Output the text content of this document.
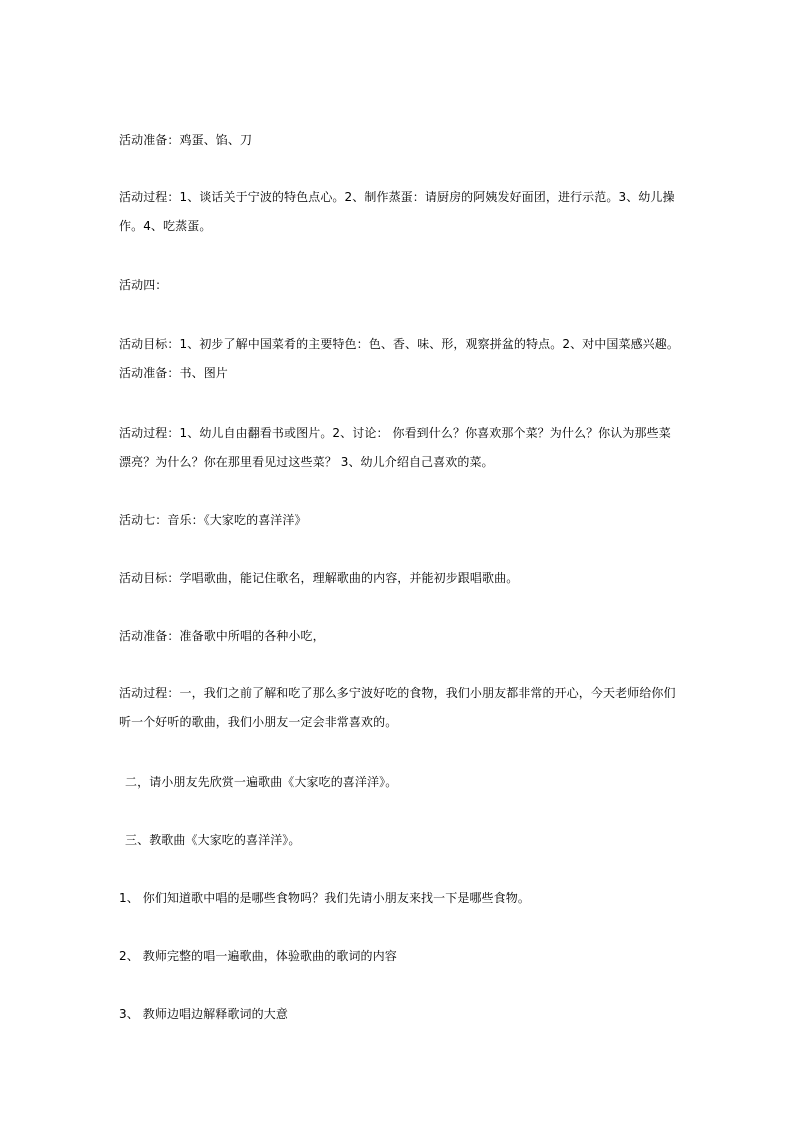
活动准备：鸡蛋、馅、刀
活动过程：1、谈话关于宁波的特色点心。2、制作蒸蛋：请厨房的阿姨发好面团，进行示范。3、幼儿操作。4、吃蒸蛋。
活动四：
活动目标：1、初步了解中国菜肴的主要特色：色、香、味、形，观察拼盆的特点。2、对中国菜感兴趣。
活动准备：书、图片
活动过程：1、幼儿自由翻看书或图片。2、讨论： 你看到什么？你喜欢那个菜？为什么？你认为那些菜漂亮？为什么？你在那里看见过这些菜？ 3、幼儿介绍自己喜欢的菜。
活动七：音乐：《大家吃的喜洋洋》
活动目标：学唱歌曲，能记住歌名，理解歌曲的内容，并能初步跟唱歌曲。
活动准备：准备歌中所唱的各种小吃，
活动过程：一，我们之前了解和吃了那么多宁波好吃的食物，我们小朋友都非常的开心，今天老师给你们听一个好听的歌曲，我们小朋友一定会非常喜欢的。
二，请小朋友先欣赏一遍歌曲《大家吃的喜洋洋》。
三、教歌曲《大家吃的喜洋洋》。
1、 你们知道歌中唱的是哪些食物吗？我们先请小朋友来找一下是哪些食物。
2、 教师完整的唱一遍歌曲，体验歌曲的歌词的内容
3、 教师边唱边解释歌词的大意
